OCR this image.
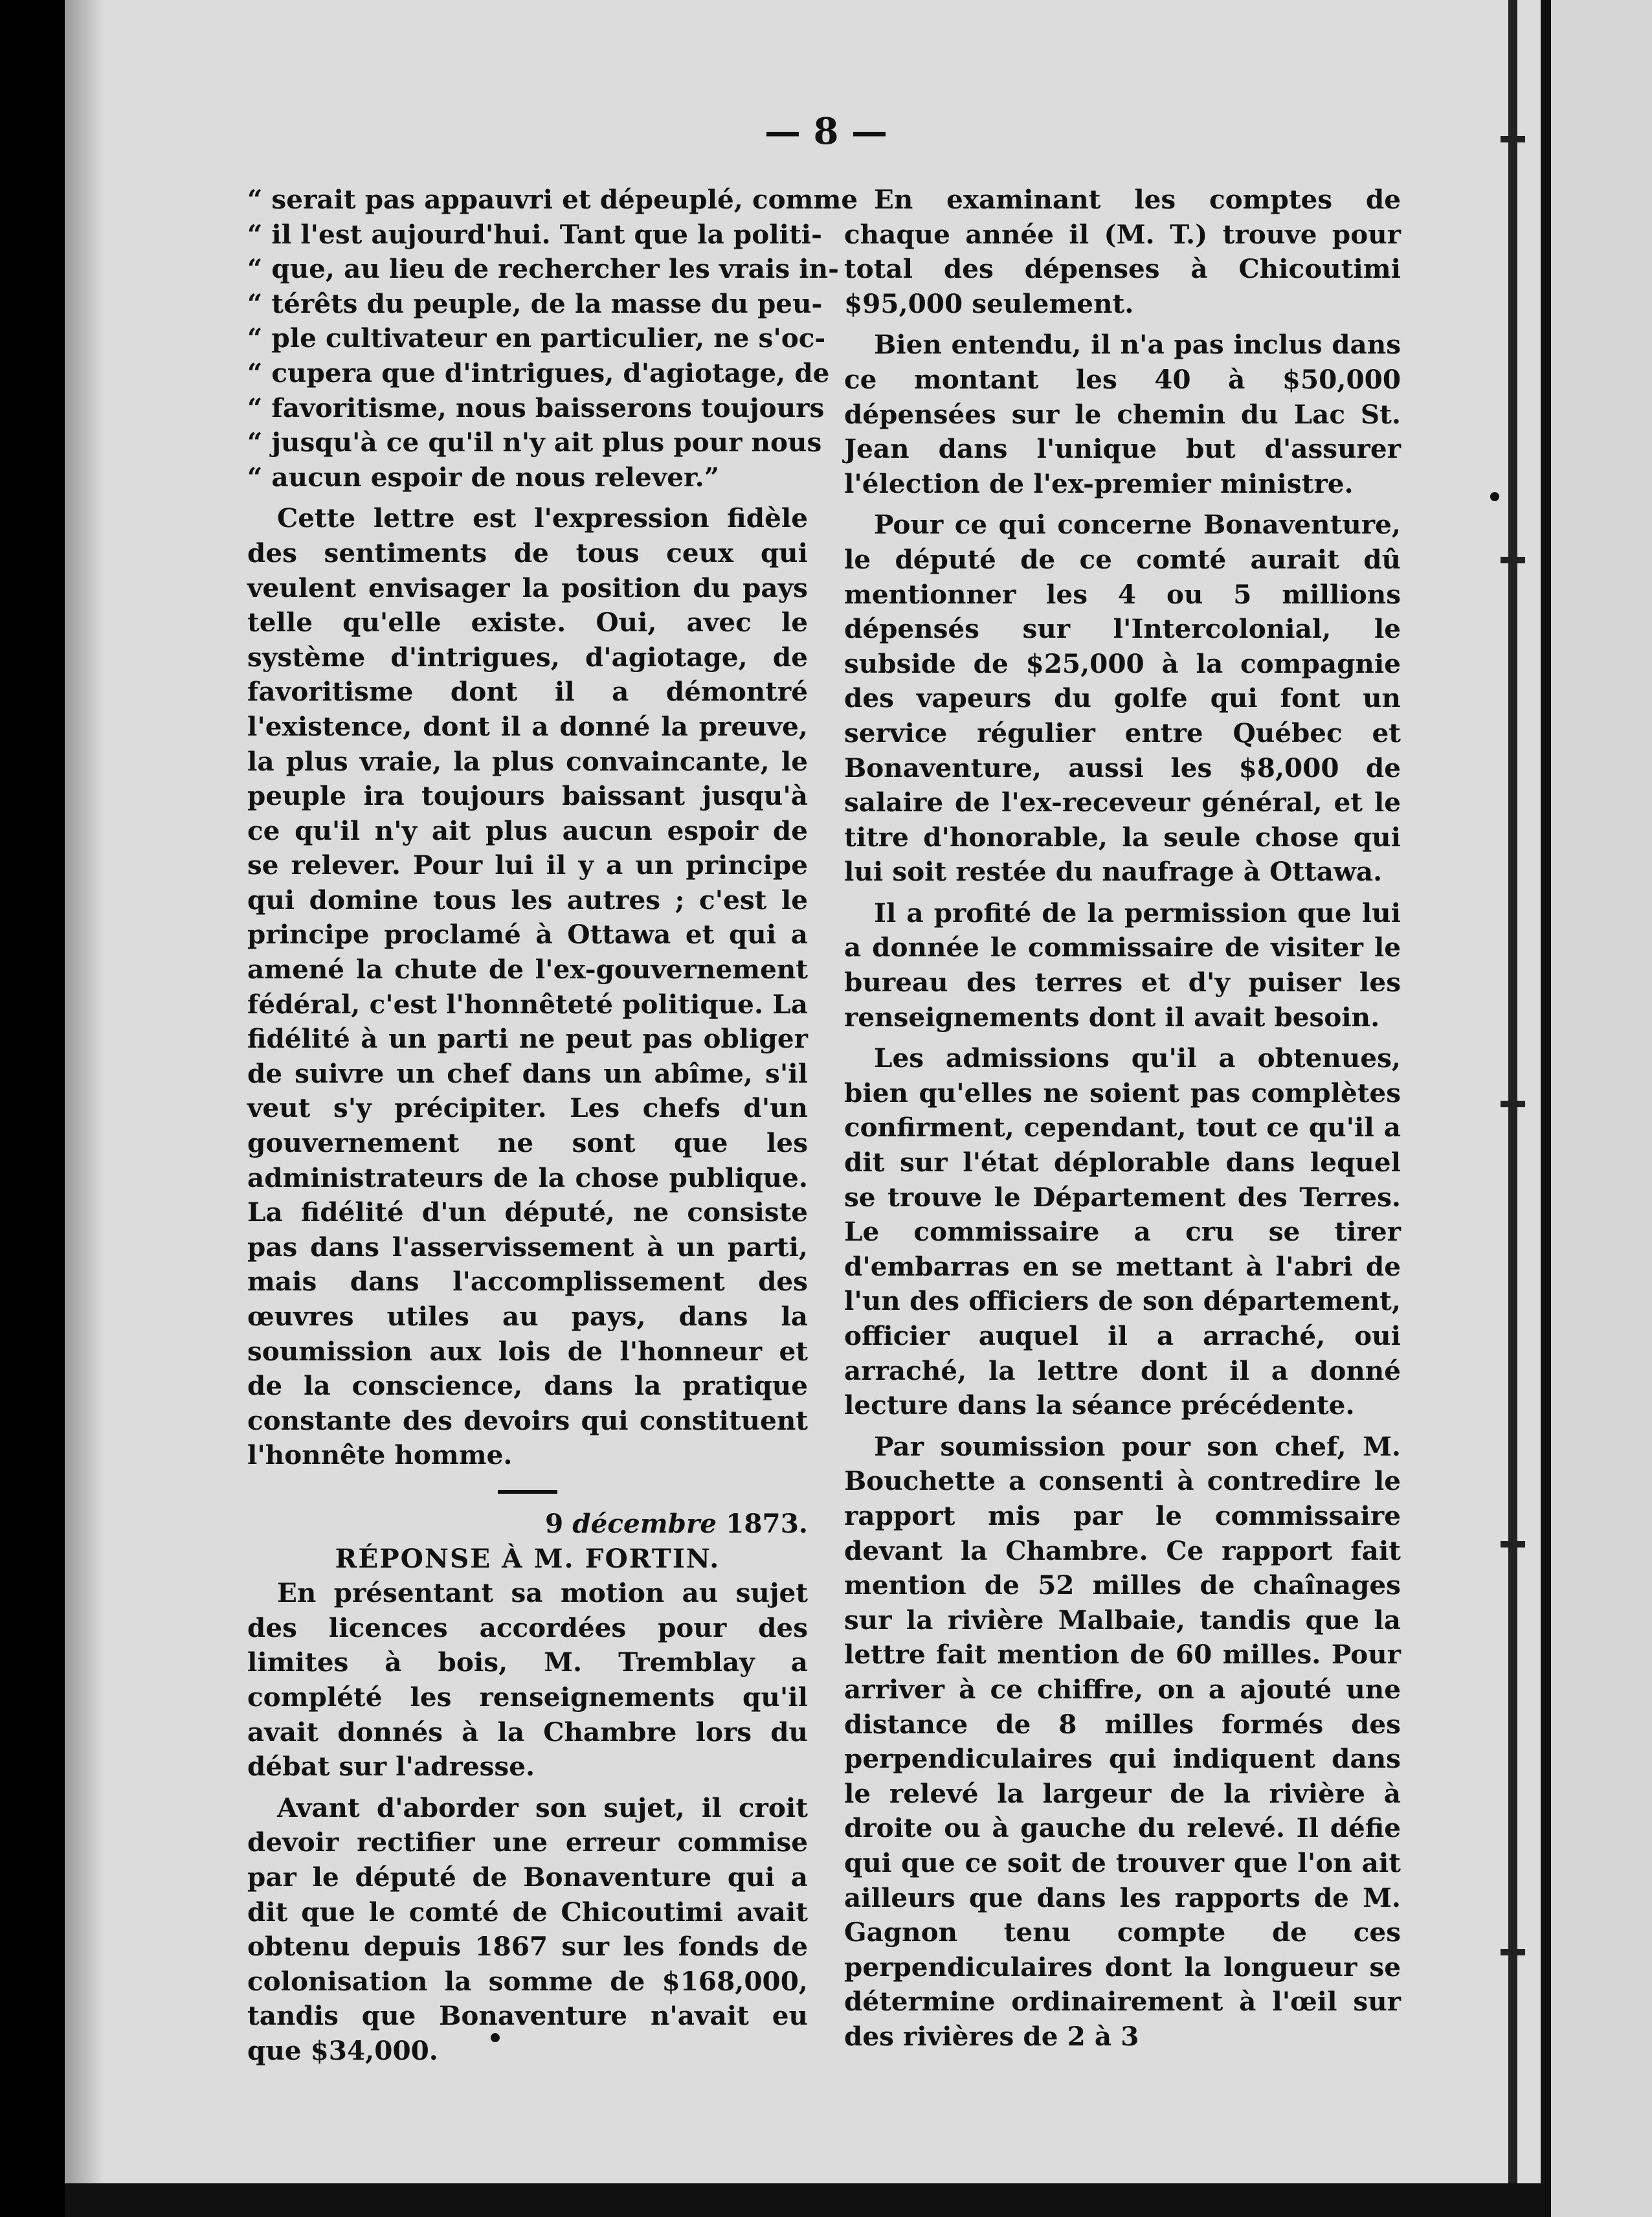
— 8 —
“ serait pas appauvri et dépeuplé, comme
“ il l'est aujourd'hui. Tant que la politi-
“ que, au lieu de rechercher les vrais in-
“ térêts du peuple, de la masse du peu-
“ ple cultivateur en particulier, ne s'oc-
“ cupera que d'intrigues, d'agiotage, de
“ favoritisme, nous baisserons toujours
“ jusqu'à ce qu'il n'y ait plus pour nous
“ aucun espoir de nous relever.”

Cette lettre est l'expression fidèle des sentiments de tous ceux qui veulent envisager la position du pays telle qu'elle existe. Oui, avec le système d'intrigues, d'agiotage, de favoritisme dont il a démontré l'existence, dont il a donné la preuve, la plus vraie, la plus convaincante, le peuple ira toujours baissant jusqu'à ce qu'il n'y ait plus aucun espoir de se relever. Pour lui il y a un principe qui domine tous les autres ; c'est le principe proclamé à Ottawa et qui a amené la chute de l'ex-gouvernement fédéral, c'est l'honnêteté politique. La fidélité à un parti ne peut pas obliger de suivre un chef dans un abîme, s'il veut s'y précipiter. Les chefs d'un gouvernement ne sont que les administrateurs de la chose publique. La fidélité d'un député, ne consiste pas dans l'asservissement à un parti, mais dans l'accomplissement des œuvres utiles au pays, dans la soumission aux lois de l'honneur et de la conscience, dans la pratique constante des devoirs qui constituent l'honnête homme.

9 décembre 1873.

RÉPONSE À M. FORTIN.

En présentant sa motion au sujet des licences accordées pour des limites à bois, M. Tremblay a complété les renseignements qu'il avait donnés à la Chambre lors du débat sur l'adresse.

Avant d'aborder son sujet, il croit devoir rectifier une erreur commise par le député de Bonaventure qui a dit que le comté de Chicoutimi avait obtenu depuis 1867 sur les fonds de colonisation la somme de $168,000, tandis que Bonaventure n'avait eu que $34,000.

En examinant les comptes de chaque année il (M. T.) trouve pour total des dépenses à Chicoutimi $95,000 seulement.

Bien entendu, il n'a pas inclus dans ce montant les 40 à $50,000 dépensées sur le chemin du Lac St. Jean dans l'unique but d'assurer l'élection de l'ex-premier ministre.

Pour ce qui concerne Bonaventure, le député de ce comté aurait dû mentionner les 4 ou 5 millions dépensés sur l'Intercolonial, le subside de $25,000 à la compagnie des vapeurs du golfe qui font un service régulier entre Québec et Bonaventure, aussi les $8,000 de salaire de l'ex-receveur général, et le titre d'honorable, la seule chose qui lui soit restée du naufrage à Ottawa.

Il a profité de la permission que lui a donnée le commissaire de visiter le bureau des terres et d'y puiser les renseignements dont il avait besoin.

Les admissions qu'il a obtenues, bien qu'elles ne soient pas complètes confirment, cependant, tout ce qu'il a dit sur l'état déplorable dans lequel se trouve le Département des Terres. Le commissaire a cru se tirer d'embarras en se mettant à l'abri de l'un des officiers de son département, officier auquel il a arraché, oui arraché, la lettre dont il a donné lecture dans la séance précédente.

Par soumission pour son chef, M. Bouchette a consenti à contredire le rapport mis par le commissaire devant la Chambre. Ce rapport fait mention de 52 milles de chaînages sur la rivière Malbaie, tandis que la lettre fait mention de 60 milles. Pour arriver à ce chiffre, on a ajouté une distance de 8 milles formés des perpendiculaires qui indiquent dans le relevé la largeur de la rivière à droite ou à gauche du relevé. Il défie qui que ce soit de trouver que l'on ait ailleurs que dans les rapports de M. Gagnon tenu compte de ces perpendiculaires dont la longueur se détermine ordinairement à l'œil sur des rivières de 2 à 3
